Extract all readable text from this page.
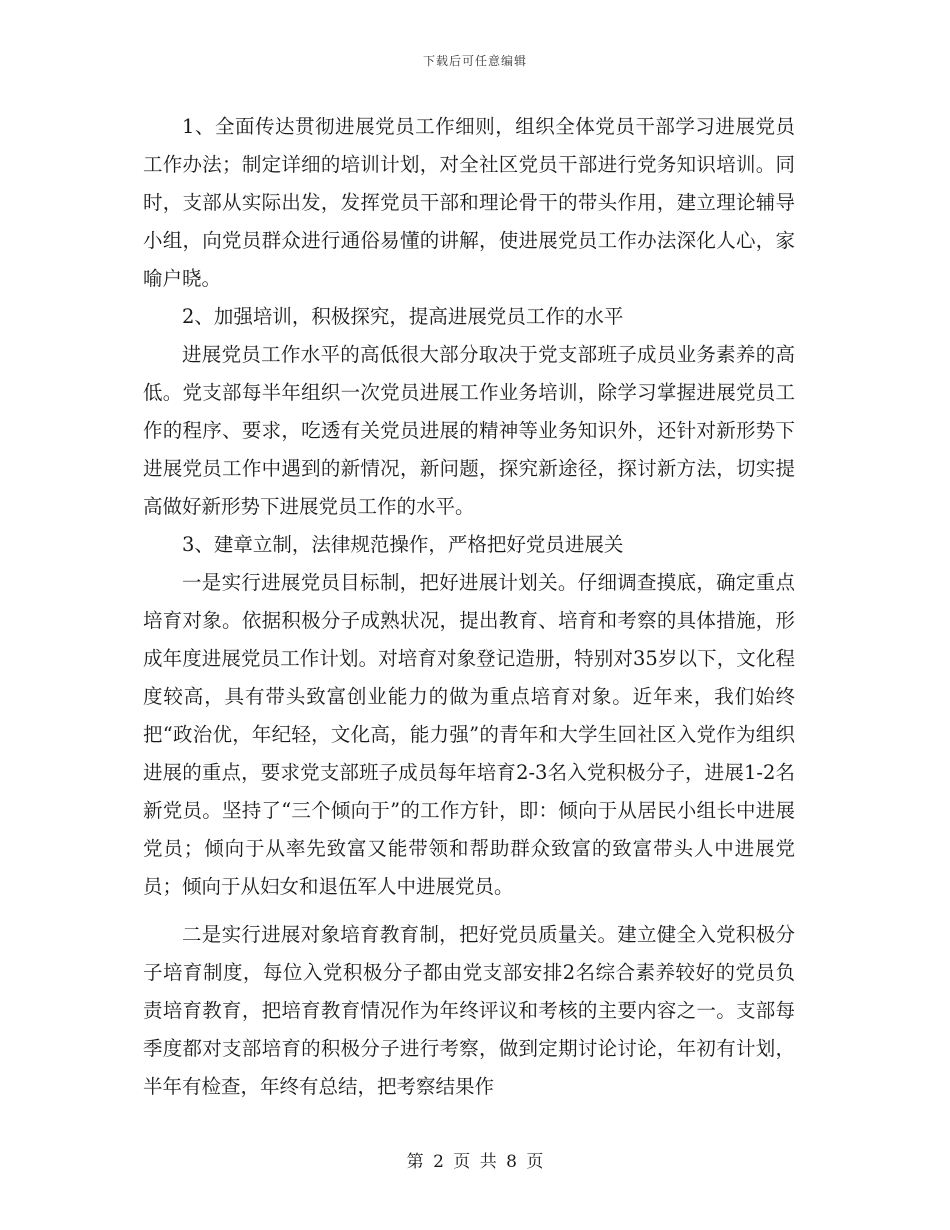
下载后可任意编辑

1、全面传达贯彻进展党员工作细则，组织全体党员干部学习进展党员工作办法；制定详细的培训计划，对全社区党员干部进行党务知识培训。同时，支部从实际出发，发挥党员干部和理论骨干的带头作用，建立理论辅导小组，向党员群众进行通俗易懂的讲解，使进展党员工作办法深化人心，家喻户晓。

2、加强培训，积极探究，提高进展党员工作的水平

进展党员工作水平的高低很大部分取决于党支部班子成员业务素养的高低。党支部每半年组织一次党员进展工作业务培训，除学习掌握进展党员工作的程序、要求，吃透有关党员进展的精神等业务知识外，还针对新形势下进展党员工作中遇到的新情况，新问题，探究新途径，探讨新方法，切实提高做好新形势下进展党员工作的水平。

3、建章立制，法律规范操作，严格把好党员进展关

一是实行进展党员目标制，把好进展计划关。仔细调查摸底，确定重点培育对象。依据积极分子成熟状况，提出教育、培育和考察的具体措施，形成年度进展党员工作计划。对培育对象登记造册，特别对35岁以下，文化程度较高，具有带头致富创业能力的做为重点培育对象。近年来，我们始终把“政治优，年纪轻，文化高，能力强”的青年和大学生回社区入党作为组织进展的重点，要求党支部班子成员每年培育2-3名入党积极分子，进展1-2名新党员。坚持了“三个倾向于”的工作方针，即：倾向于从居民小组长中进展党员；倾向于从率先致富又能带领和帮助群众致富的致富带头人中进展党员；倾向于从妇女和退伍军人中进展党员。

二是实行进展对象培育教育制，把好党员质量关。建立健全入党积极分子培育制度，每位入党积极分子都由党支部安排2名综合素养较好的党员负责培育教育，把培育教育情况作为年终评议和考核的主要内容之一。支部每季度都对支部培育的积极分子进行考察，做到定期讨论讨论，年初有计划，半年有检查，年终有总结，把考察结果作

第 2 页 共 8 页
